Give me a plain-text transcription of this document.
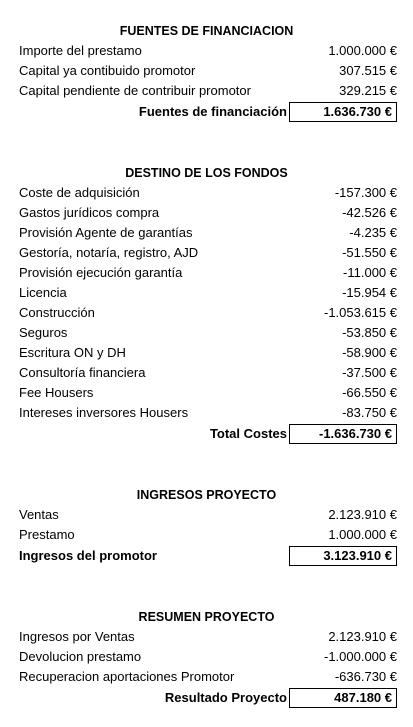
FUENTES DE FINANCIACION
Importe del prestamo	1.000.000 €
Capital ya contibuido promotor	307.515 €
Capital pendiente de contribuir promotor	329.215 €
Fuentes de financiación	1.636.730 €
DESTINO DE LOS FONDOS
Coste de adquisición	-157.300 €
Gastos jurídicos compra	-42.526 €
Provisión Agente de garantías	-4.235 €
Gestoría, notaría, registro, AJD	-51.550 €
Provisión ejecución garantía	-11.000 €
Licencia	-15.954 €
Construcción	-1.053.615 €
Seguros	-53.850 €
Escritura ON y DH	-58.900 €
Consultoría financiera	-37.500 €
Fee Housers	-66.550 €
Intereses inversores Housers	-83.750 €
Total Costes	-1.636.730 €
INGRESOS PROYECTO
Ventas	2.123.910 €
Prestamo	1.000.000 €
Ingresos del promotor	3.123.910 €
RESUMEN PROYECTO
Ingresos por Ventas	2.123.910 €
Devolucion prestamo	-1.000.000 €
Recuperacion aportaciones Promotor	-636.730 €
Resultado Proyecto	487.180 €
